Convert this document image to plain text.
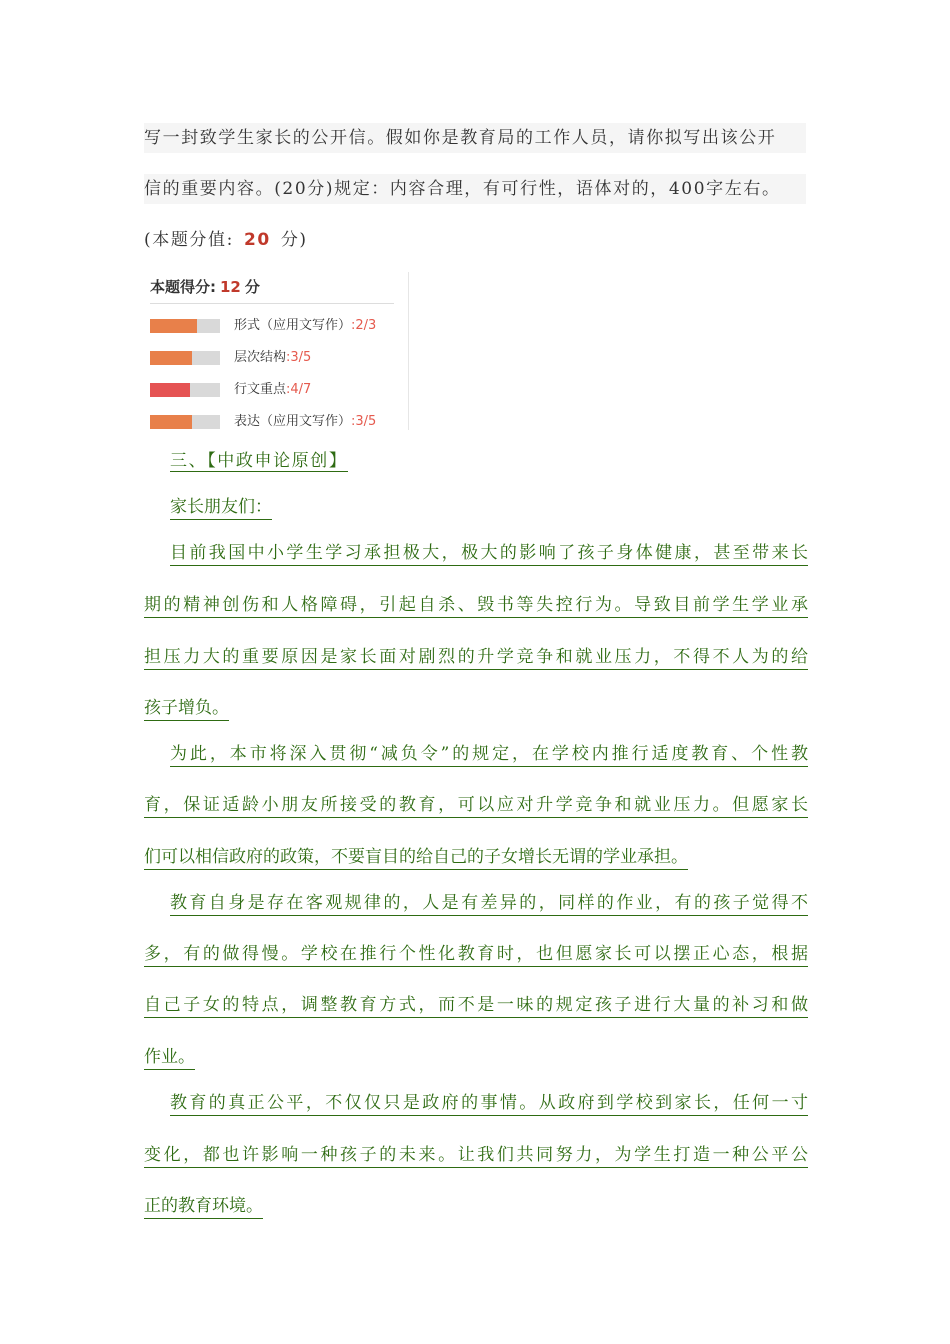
写一封致学生家长的公开信。假如你是教育局的工作人员，请你拟写出该公开
信的重要内容。(20分)规定：内容合理，有可行性，语体对的，400字左右。
(本题分值: 20 分)
本题得分: 12 分
形式（应用文写作）:2/3
层次结构:3/5
行文重点:4/7
表达（应用文写作）:3/5
三、【中政申论原创】
家长朋友们：
目前我国中小学生学习承担极大，极大的影响了孩子身体健康，甚至带来长
期的精神创伤和人格障碍，引起自杀、毁书等失控行为。导致目前学生学业承
担压力大的重要原因是家长面对剧烈的升学竞争和就业压力，不得不人为的给
孩子增负。
为此，本市将深入贯彻“减负令”的规定，在学校内推行适度教育、个性教
育，保证适龄小朋友所接受的教育，可以应对升学竞争和就业压力。但愿家长
们可以相信政府的政策，不要盲目的给自己的子女增长无谓的学业承担。
教育自身是存在客观规律的，人是有差异的，同样的作业，有的孩子觉得不
多，有的做得慢。学校在推行个性化教育时，也但愿家长可以摆正心态，根据
自己子女的特点，调整教育方式，而不是一味的规定孩子进行大量的补习和做
作业。
教育的真正公平，不仅仅只是政府的事情。从政府到学校到家长，任何一寸
变化，都也许影响一种孩子的未来。让我们共同努力，为学生打造一种公平公
正的教育环境。
